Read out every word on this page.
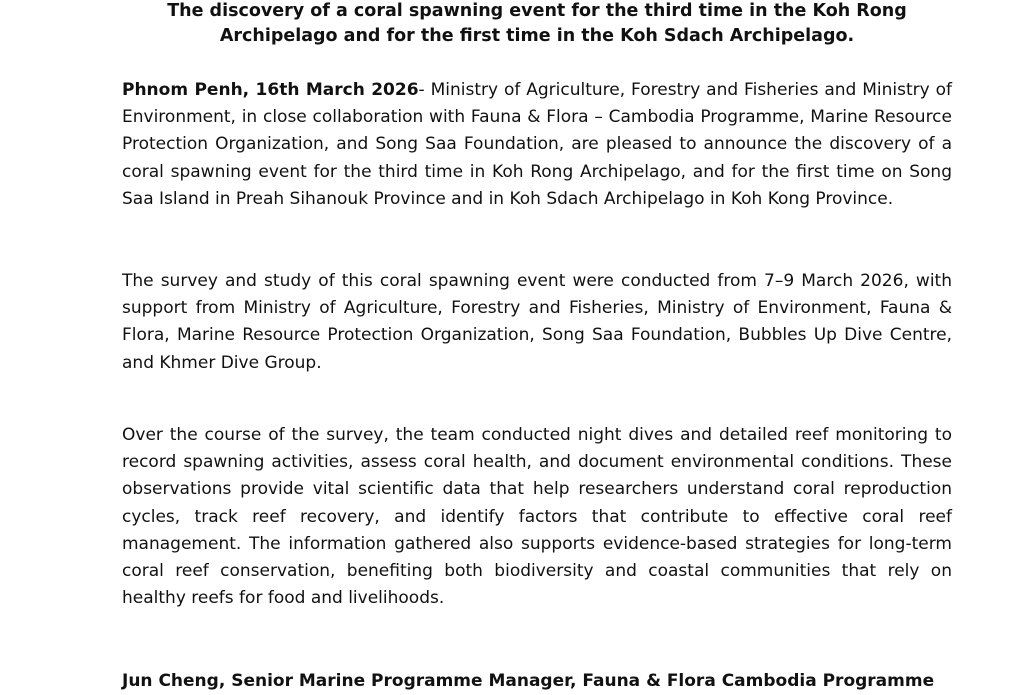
The discovery of a coral spawning event for the third time in the Koh Rong Archipelago and for the first time in the Koh Sdach Archipelago.

Phnom Penh, 16th March 2026- Ministry of Agriculture, Forestry and Fisheries and Ministry of Environment, in close collaboration with Fauna & Flora – Cambodia Programme, Marine Resource Protection Organization, and Song Saa Foundation, are pleased to announce the discovery of a coral spawning event for the third time in Koh Rong Archipelago, and for the first time on Song Saa Island in Preah Sihanouk Province and in Koh Sdach Archipelago in Koh Kong Province.

The survey and study of this coral spawning event were conducted from 7–9 March 2026, with support from Ministry of Agriculture, Forestry and Fisheries, Ministry of Environment, Fauna & Flora, Marine Resource Protection Organization, Song Saa Foundation, Bubbles Up Dive Centre, and Khmer Dive Group.

Over the course of the survey, the team conducted night dives and detailed reef monitoring to record spawning activities, assess coral health, and document environmental conditions. These observations provide vital scientific data that help researchers understand coral reproduction cycles, track reef recovery, and identify factors that contribute to effective coral reef management. The information gathered also supports evidence-based strategies for long-term coral reef conservation, benefiting both biodiversity and coastal communities that rely on healthy reefs for food and livelihoods.

Jun Cheng, Senior Marine Programme Manager, Fauna & Flora Cambodia Programme
